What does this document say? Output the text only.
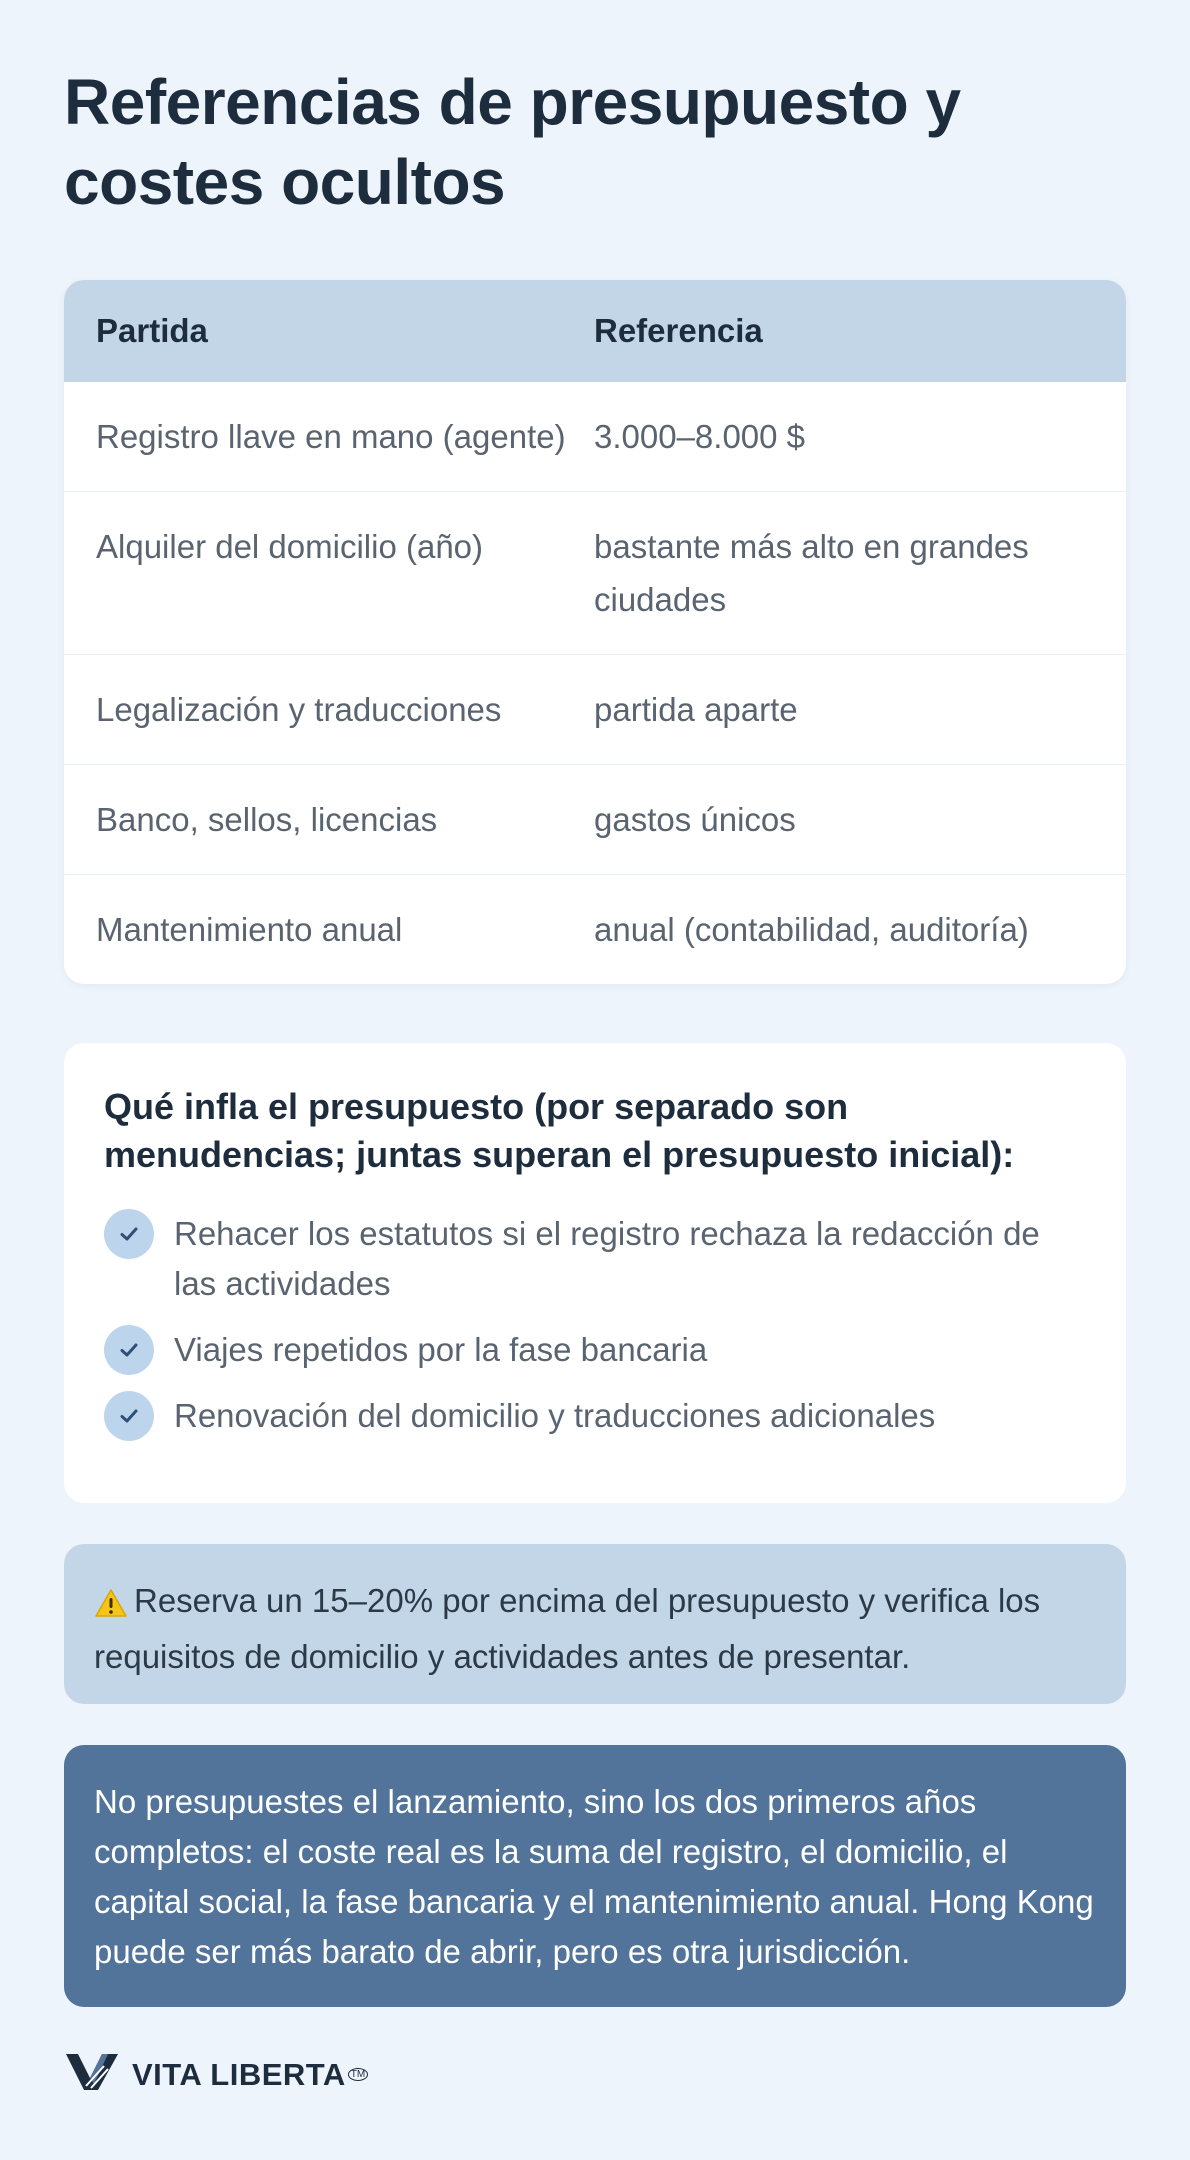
Referencias de presupuesto y costes ocultos
Partida	Referencia
Registro llave en mano (agente) 3.000–8.000 $
Alquiler del domicilio (año)	bastante más alto en grandes ciudades
Legalización y traducciones	partida aparte
Banco, sellos, licencias	gastos únicos
Mantenimiento anual	anual (contabilidad, auditoría)
Qué infla el presupuesto (por separado son menudencias; juntas superan el presupuesto inicial):
Rehacer los estatutos si el registro rechaza la redacción de las actividades
Viajes repetidos por la fase bancaria
Renovación del domicilio y traducciones adicionales
Reserva un 15–20% por encima del presupuesto y verifica los requisitos de domicilio y actividades antes de presentar.
No presupuestes el lanzamiento, sino los dos primeros años completos: el coste real es la suma del registro, el domicilio, el capital social, la fase bancaria y el mantenimiento anual. Hong Kong puede ser más barato de abrir, pero es otra jurisdicción.
VITA LIBERTA TM
